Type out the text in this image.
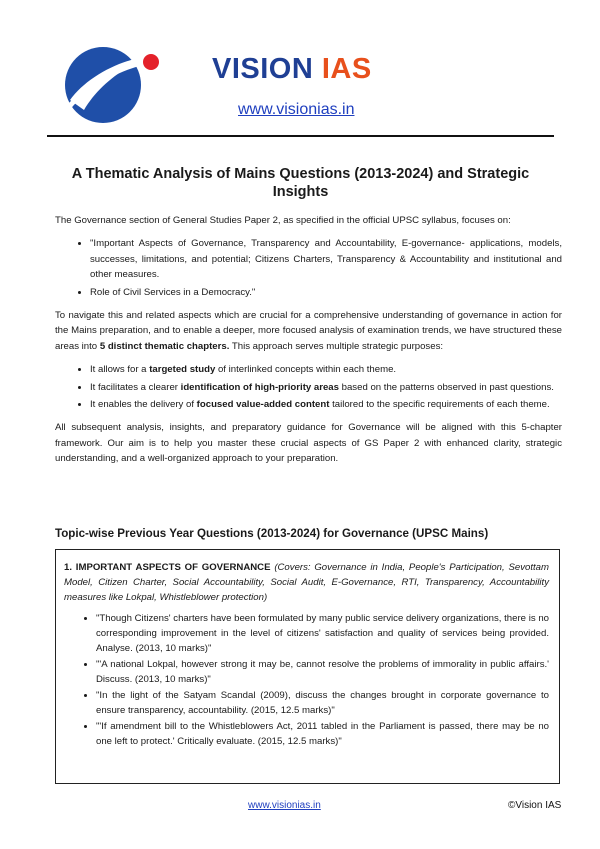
VISION IAS
www.visionias.in
A Thematic Analysis of Mains Questions (2013-2024) and Strategic Insights

The Governance section of General Studies Paper 2, as specified in the official UPSC syllabus, focuses on:

• "Important Aspects of Governance, Transparency and Accountability, E-governance- applications, models, successes, limitations, and potential; Citizens Charters, Transparency & Accountability and institutional and other measures.
• Role of Civil Services in a Democracy."

To navigate this and related aspects which are crucial for a comprehensive understanding of governance in action for the Mains preparation, and to enable a deeper, more focused analysis of examination trends, we have structured these areas into 5 distinct thematic chapters. This approach serves multiple strategic purposes:

• It allows for a targeted study of interlinked concepts within each theme.
• It facilitates a clearer identification of high-priority areas based on the patterns observed in past questions.
• It enables the delivery of focused value-added content tailored to the specific requirements of each theme.

All subsequent analysis, insights, and preparatory guidance for Governance will be aligned with this 5-chapter framework. Our aim is to help you master these crucial aspects of GS Paper 2 with enhanced clarity, strategic understanding, and a well-organized approach to your preparation.

Topic-wise Previous Year Questions (2013-2024) for Governance (UPSC Mains)

1. IMPORTANT ASPECTS OF GOVERNANCE (Covers: Governance in India, People's Participation, Sevottam Model, Citizen Charter, Social Accountability, Social Audit, E-Governance, RTI, Transparency, Accountability measures like Lokpal, Whistleblower protection)

• "Though Citizens' charters have been formulated by many public service delivery organizations, there is no corresponding improvement in the level of citizens' satisfaction and quality of services being provided. Analyse. (2013, 10 marks)"
• "'A national Lokpal, however strong it may be, cannot resolve the problems of immorality in public affairs.' Discuss. (2013, 10 marks)"
• "In the light of the Satyam Scandal (2009), discuss the changes brought in corporate governance to ensure transparency, accountability. (2015, 12.5 marks)"
• "'If amendment bill to the Whistleblowers Act, 2011 tabled in the Parliament is passed, there may be no one left to protect.' Critically evaluate. (2015, 12.5 marks)"
www.visionias.in	©Vision IAS
